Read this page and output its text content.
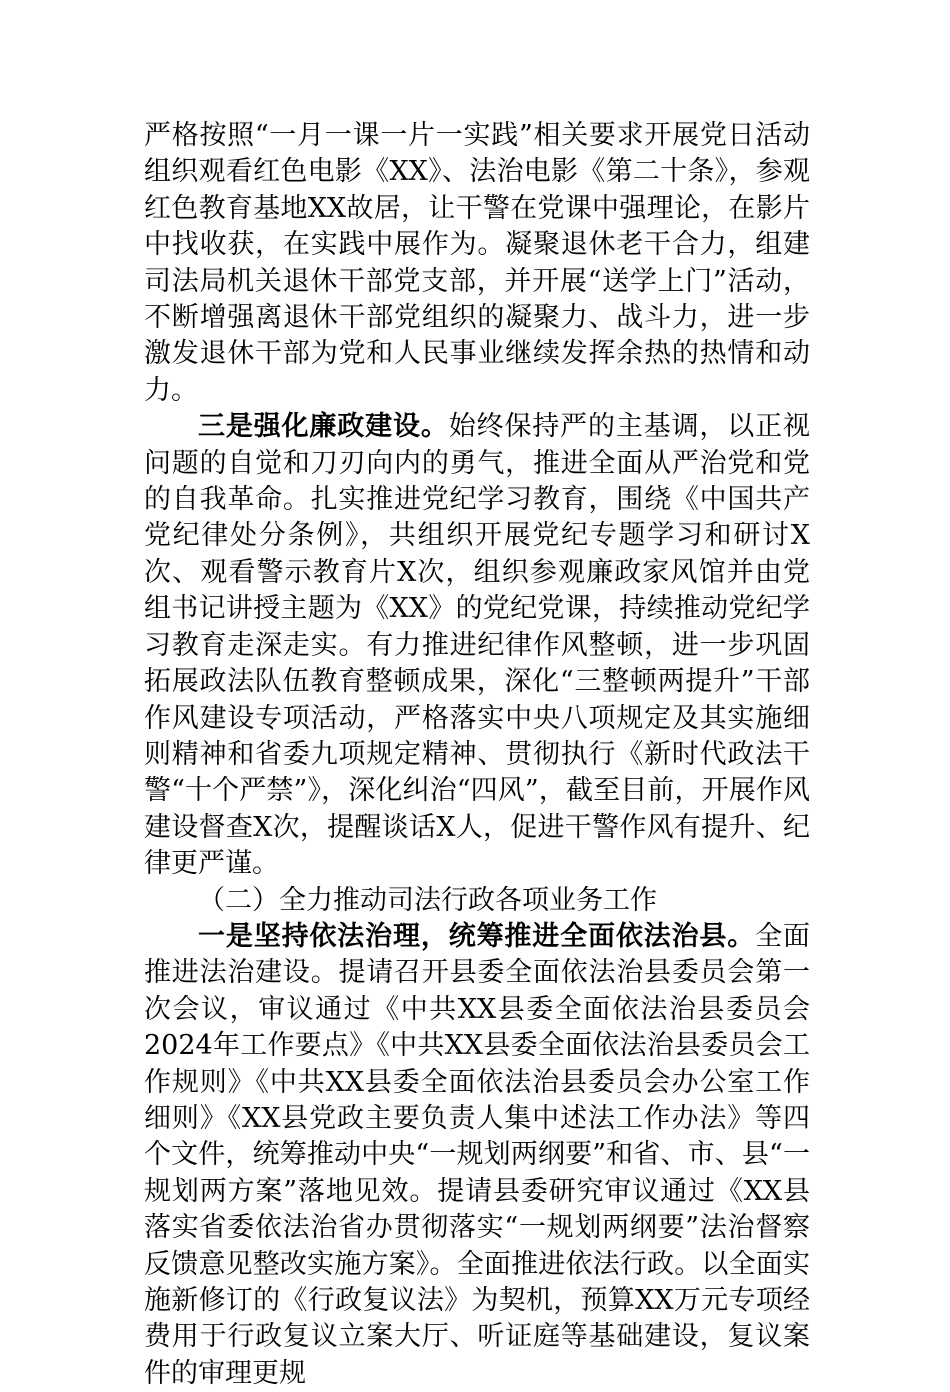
严格按照“一月一课一片一实践”相关要求开展党日活动组织观看红色电影《XX》、法治电影《第二十条》，参观红色教育基地XX故居，让干警在党课中强理论，在影片中找收获，在实践中展作为。凝聚退休老干合力，组建司法局机关退休干部党支部，并开展“送学上门”活动，不断增强离退休干部党组织的凝聚力、战斗力，进一步激发退休干部为党和人民事业继续发挥余热的热情和动力。

三是强化廉政建设。始终保持严的主基调，以正视问题的自觉和刀刃向内的勇气，推进全面从严治党和党的自我革命。扎实推进党纪学习教育，围绕《中国共产党纪律处分条例》，共组织开展党纪专题学习和研讨X次、观看警示教育片X次，组织参观廉政家风馆并由党组书记讲授主题为《XX》的党纪党课，持续推动党纪学习教育走深走实。有力推进纪律作风整顿，进一步巩固拓展政法队伍教育整顿成果，深化“三整顿两提升”干部作风建设专项活动，严格落实中央八项规定及其实施细则精神和省委九项规定精神、贯彻执行《新时代政法干警“十个严禁”》，深化纠治“四风”，截至目前，开展作风建设督查X次，提醒谈话X人，促进干警作风有提升、纪律更严谨。

（二）全力推动司法行政各项业务工作

一是坚持依法治理，统筹推进全面依法治县。全面推进法治建设。提请召开县委全面依法治县委员会第一次会议，审议通过《中共XX县委全面依法治县委员会2024年工作要点》《中共XX县委全面依法治县委员会工作规则》《中共XX县委全面依法治县委员会办公室工作细则》《XX县党政主要负责人集中述法工作办法》等四个文件，统筹推动中央“一规划两纲要”和省、市、县“一规划两方案”落地见效。提请县委研究审议通过《XX县落实省委依法治省办贯彻落实“一规划两纲要”法治督察反馈意见整改实施方案》。全面推进依法行政。以全面实施新修订的《行政复议法》为契机，预算XX万元专项经费用于行政复议立案大厅、听证庭等基础建设，复议案件的审理更规
